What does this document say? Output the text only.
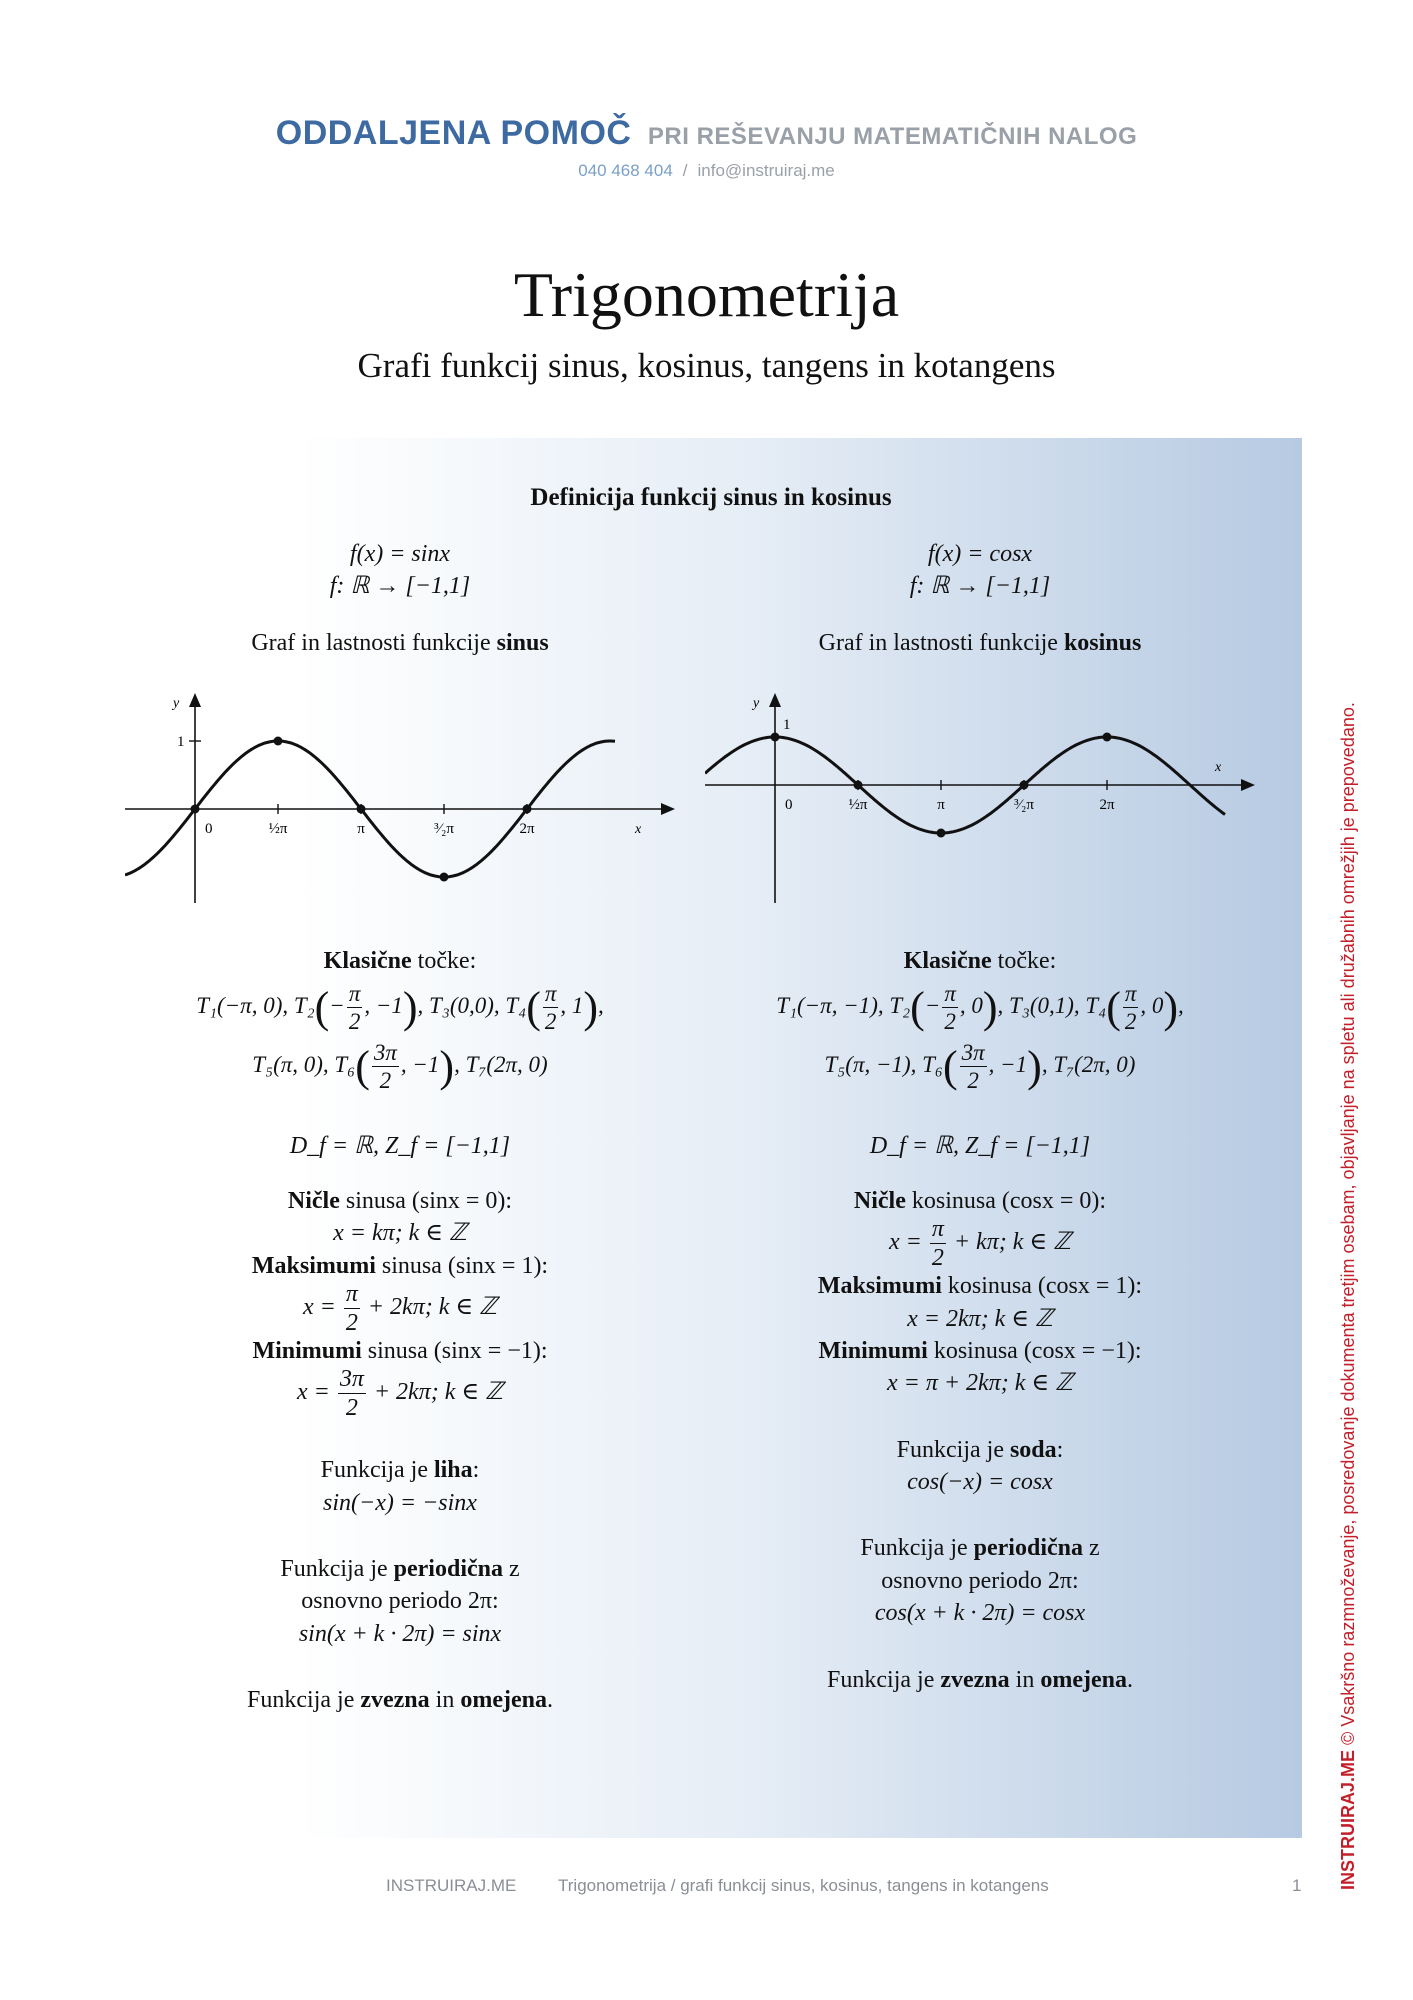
ODDALJENA POMOČ PRI REŠEVANJU MATEMATIČNIH NALOG
040 468 404 / info@instruiraj.me
Trigonometrija
Grafi funkcij sinus, kosinus, tangens in kotangens
Definicija funkcij sinus in kosinus
f(x) = sinx
f: ℝ → [−1,1]
Graf in lastnosti funkcije sinus
y
1
0	½π	π	³⁄₂π	2π	x
Klasične točke:
T₁(−π, 0), $T_2(- \frac{\pi}{2}$ , −1), T₃(0,0), $T_4( \frac{\pi}{2}$ , 1),
T₅(π, 0), $T_6( \frac{3\pi}{2}$ , −1), T₇(2π, 0)
D_f = ℝ, Z_f = [−1,1]
Ničle sinusa (sinx = 0):
x = kπ; k ∈ ℤ
Maksimumi sinusa (sinx = 1):
$x = \frac{\pi}{2} + 2k\pi$; k ∈ ℤ
Minimumi sinusa (sinx = −1):
$x = \frac{3\pi}{2} + 2k\pi$; k ∈ ℤ
Funkcija je liha:
sin(−x) = −sinx
Funkcija je periodična z
osnovno periodo 2π:
sin(x + k · 2π) = sinx
Funkcija je zvezna in omejena.
f(x) = cosx
f: ℝ → [−1,1]
Graf in lastnosti funkcije kosinus
y
1
0	½π	π	³⁄₂π	2π
x
Klasične točke:
T₁(−π, −1), $T_2(- \frac{\pi}{2}$ , 0), T₃(0,1), $T_4( \frac{\pi}{2}$ , 0),
T₅(π, −1), $T_6( \frac{3\pi}{2}$ , −1), T₇(2π, 0)
D_f = ℝ, Z_f = [−1,1]
Ničle kosinusa (cosx = 0):
$x = \frac{\pi}{2} + k\pi$; k ∈ ℤ
Maksimumi kosinusa (cosx = 1):
x = 2kπ; k ∈ ℤ
Minimumi kosinusa (cosx = −1):
x = π + 2kπ; k ∈ ℤ
Funkcija je soda:
cos(−x) = cosx
Funkcija je periodična z
osnovno periodo 2π:
cos(x + k · 2π) = cosx
Funkcija je zvezna in omejena.
INSTRUIRAJ.ME Trigonometrija / grafi funkcij sinus, kosinus, tangens in kotangens	1 INSTRUIRAJ.ME © Vsakršno razmnoževanje, posredovanje dokumenta tretjim osebam, objavljanje na spletu ali družabnih omrežjih je prepovedano.
